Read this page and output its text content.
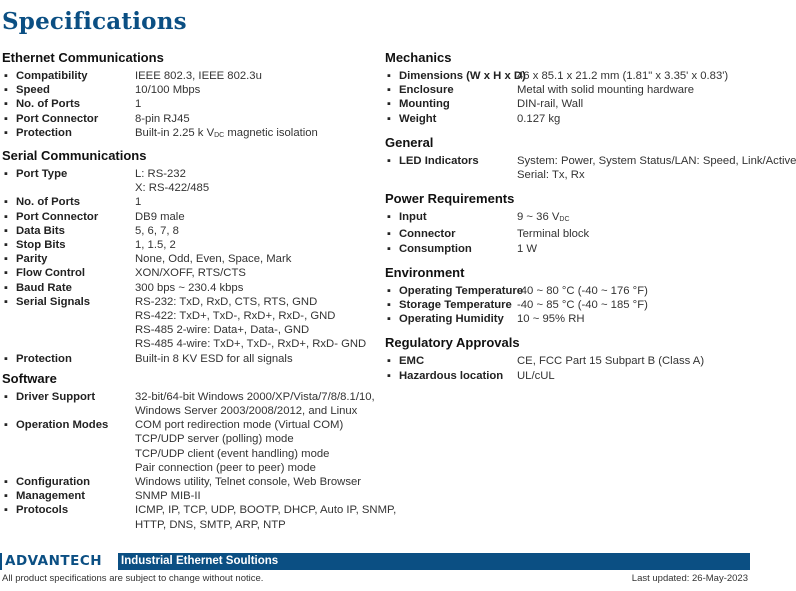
Specifications
Ethernet Communications
▪ Compatibility	IEEE 802.3, IEEE 802.3u
▪ Speed	10/100 Mbps
▪ No. of Ports	1
▪ Port Connector	8-pin RJ45
▪ Protection	Built-in 2.25 k $V_{DC}$ magnetic isolation
Serial Communications
▪ Port Type	L: RS-232
X: RS-422/485
▪ No. of Ports	1
▪ Port Connector	DB9 male
▪ Data Bits	5, 6, 7, 8
▪ Stop Bits	1, 1.5, 2
▪ Parity	None, Odd, Even, Space, Mark
▪ Flow Control	XON/XOFF, RTS/CTS
▪ Baud Rate	300 bps ~ 230.4 kbps
▪ Serial Signals	RS-232: TxD, RxD, CTS, RTS, GND
RS-422: TxD+, TxD-, RxD+, RxD-, GND
RS-485 2-wire: Data+, Data-, GND
RS-485 4-wire: TxD+, TxD-, RxD+, RxD- GND
▪ Protection	Built-in 8 KV ESD for all signals
Software
▪ Driver Support	32-bit/64-bit Windows 2000/XP/Vista/7/8/8.1/10,
Windows Server 2003/2008/2012, and Linux
▪ Operation Modes COM port redirection mode (Virtual COM)
TCP/UDP server (polling) mode
TCP/UDP client (event handling) mode
Pair connection (peer to peer) mode
▪ Configuration	Windows utility, Telnet console, Web Browser
▪ Management	SNMP MIB-II
▪ Protocols	ICMP, IP, TCP, UDP, BOOTP, DHCP, Auto IP, SNMP,
HTTP, DNS, SMTP, ARP, NTP
Mechanics
▪ Dimensions (W x H x D)
46 x 85.1 x 21.2 mm (1.81" x 3.35' x 0.83')
▪ Enclosure	Metal with solid mounting hardware
▪ Mounting	DIN-rail, Wall
▪ Weight	0.127 kg
General
▪ LED Indicators	System: Power, System Status/LAN: Speed, Link/Active
Serial: Tx, Rx
Power Requirements
▪ Input	9 ~ 36 $V_{DC}$
▪ Connector	Terminal block
▪ Consumption	1 W
Environment
▪ Operating Temperature
-40 ~ 80 °C (-40 ~ 176 °F)
▪ Storage Temperature -40 ~ 85 °C (-40 ~ 185 °F)
▪ Operating Humidity 10 ~ 95% RH
Regulatory Approvals
▪ EMC	CE, FCC Part 15 Subpart B (Class A)
▪ Hazardous location UL/cUL
ADVANTECH Industrial Ethernet Soultions
All product specifications are subject to change without notice.	Last updated: 26-May-2023
